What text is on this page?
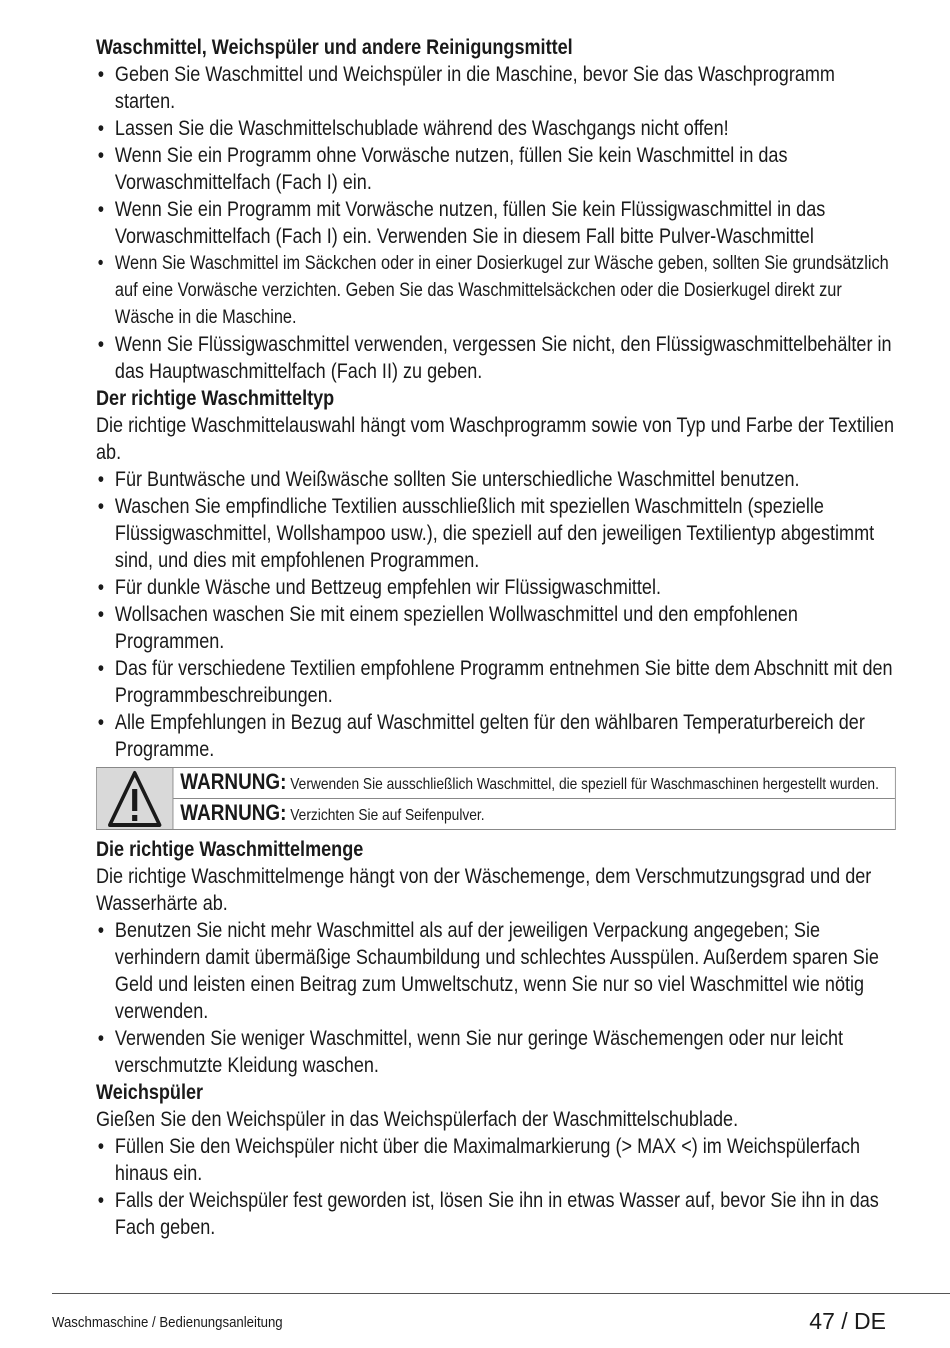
Waschmittel, Weichspüler und andere Reinigungsmittel
• Geben Sie Waschmittel und Weichspüler in die Maschine, bevor Sie das Waschprogramm starten.
• Lassen Sie die Waschmittelschublade während des Waschgangs nicht offen!
• Wenn Sie ein Programm ohne Vorwäsche nutzen, füllen Sie kein Waschmittel in das Vorwaschmittelfach (Fach I) ein.
• Wenn Sie ein Programm mit Vorwäsche nutzen, füllen Sie kein Flüssigwaschmittel in das Vorwaschmittelfach (Fach I) ein. Verwenden Sie in diesem Fall bitte Pulver-Waschmittel
• Wenn Sie Waschmittel im Säckchen oder in einer Dosierkugel zur Wäsche geben, sollten Sie grundsätzlich auf eine Vorwäsche verzichten. Geben Sie das Waschmittelsäckchen oder die Dosierkugel direkt zur Wäsche in die Maschine.
• Wenn Sie Flüssigwaschmittel verwenden, vergessen Sie nicht, den Flüssigwaschmittelbehälter in das Hauptwaschmittelfach (Fach II) zu geben.
Der richtige Waschmitteltyp

Die richtige Waschmittelauswahl hängt vom Waschprogramm sowie von Typ und Farbe der Textilien ab.

• Für Buntwäsche und Weißwäsche sollten Sie unterschiedliche Waschmittel benutzen.
• Waschen Sie empfindliche Textilien ausschließlich mit speziellen Waschmitteln (spezielle Flüssigwaschmittel, Wollshampoo usw.), die speziell auf den jeweiligen Textilientyp abgestimmt sind, und dies mit empfohlenen Programmen.
• Für dunkle Wäsche und Bettzeug empfehlen wir Flüssigwaschmittel.
• Wollsachen waschen Sie mit einem speziellen Wollwaschmittel und den empfohlenen Programmen.
• Das für verschiedene Textilien empfohlene Programm entnehmen Sie bitte dem Abschnitt mit den Programmbeschreibungen.
• Alle Empfehlungen in Bezug auf Waschmittel gelten für den wählbaren Temperaturbereich der Programme.
WARNUNG: Verwenden Sie ausschließlich Waschmittel, die speziell für Waschmaschinen hergestellt wurden.
WARNUNG: Verzichten Sie auf Seifenpulver.
Die richtige Waschmittelmenge

Die richtige Waschmittelmenge hängt von der Wäschemenge, dem Verschmutzungsgrad und der Wasserhärte ab.

• Benutzen Sie nicht mehr Waschmittel als auf der jeweiligen Verpackung angegeben; Sie verhindern damit übermäßige Schaumbildung und schlechtes Ausspülen. Außerdem sparen Sie Geld und leisten einen Beitrag zum Umweltschutz, wenn Sie nur so viel Waschmittel wie nötig verwenden.
• Verwenden Sie weniger Waschmittel, wenn Sie nur geringe Wäschemengen oder nur leicht verschmutzte Kleidung waschen.
Weichspüler

Gießen Sie den Weichspüler in das Weichspülerfach der Waschmittelschublade.

• Füllen Sie den Weichspüler nicht über die Maximalmarkierung (> MAX <) im Weichspülerfach hinaus ein.
• Falls der Weichspüler fest geworden ist, lösen Sie ihn in etwas Wasser auf, bevor Sie ihn in das Fach geben.
Waschmaschine / Bedienungsanleitung	47 / DE
